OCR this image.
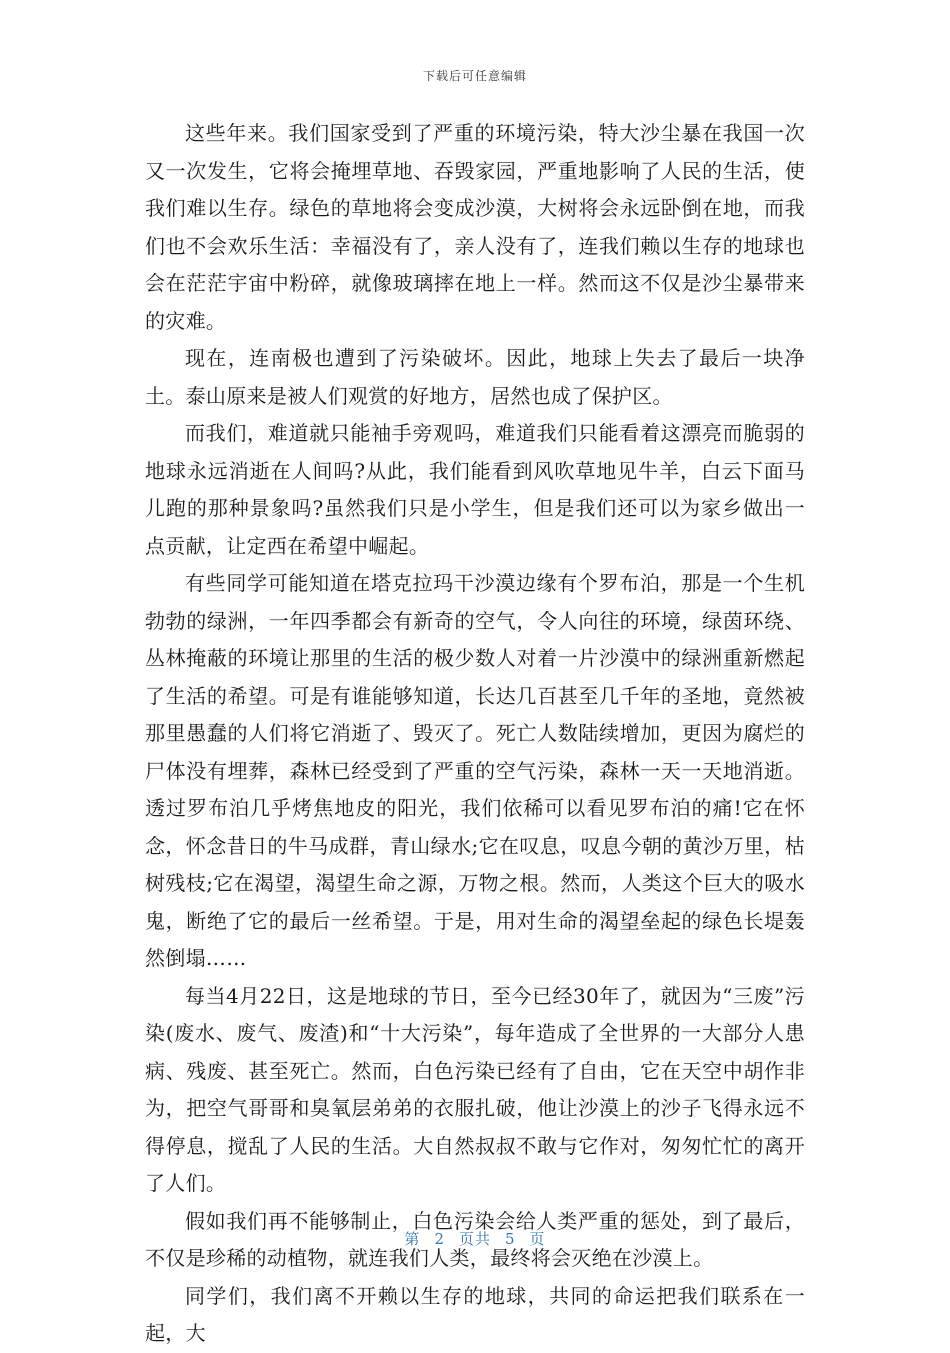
下载后可任意编辑

这些年来。我们国家受到了严重的环境污染，特大沙尘暴在我国一次又一次发生，它将会掩埋草地、吞毁家园，严重地影响了人民的生活，使我们难以生存。绿色的草地将会变成沙漠，大树将会永远卧倒在地，而我们也不会欢乐生活：幸福没有了，亲人没有了，连我们赖以生存的地球也会在茫茫宇宙中粉碎，就像玻璃摔在地上一样。然而这不仅是沙尘暴带来的灾难。

现在，连南极也遭到了污染破坏。因此，地球上失去了最后一块净土。泰山原来是被人们观赏的好地方，居然也成了保护区。

而我们，难道就只能袖手旁观吗，难道我们只能看着这漂亮而脆弱的地球永远消逝在人间吗?从此，我们能看到风吹草地见牛羊，白云下面马儿跑的那种景象吗?虽然我们只是小学生，但是我们还可以为家乡做出一点贡献，让定西在希望中崛起。

有些同学可能知道在塔克拉玛干沙漠边缘有个罗布泊，那是一个生机勃勃的绿洲，一年四季都会有新奇的空气，令人向往的环境，绿茵环绕、丛林掩蔽的环境让那里的生活的极少数人对着一片沙漠中的绿洲重新燃起了生活的希望。可是有谁能够知道，长达几百甚至几千年的圣地，竟然被那里愚蠢的人们将它消逝了、毁灭了。死亡人数陆续增加，更因为腐烂的尸体没有埋葬，森林已经受到了严重的空气污染，森林一天一天地消逝。透过罗布泊几乎烤焦地皮的阳光，我们依稀可以看见罗布泊的痛!它在怀念，怀念昔日的牛马成群，青山绿水;它在叹息，叹息今朝的黄沙万里，枯树残枝;它在渴望，渴望生命之源，万物之根。然而，人类这个巨大的吸水鬼，断绝了它的最后一丝希望。于是，用对生命的渴望垒起的绿色长堤轰然倒塌……

每当4月22日，这是地球的节日，至今已经30年了，就因为“三废”污染(废水、废气、废渣)和“十大污染”，每年造成了全世界的一大部分人患病、残废、甚至死亡。然而，白色污染已经有了自由，它在天空中胡作非为，把空气哥哥和臭氧层弟弟的衣服扎破，他让沙漠上的沙子飞得永远不得停息，搅乱了人民的生活。大自然叔叔不敢与它作对，匆匆忙忙的离开了人们。

假如我们再不能够制止，白色污染会给人类严重的惩处，到了最后，不仅是珍稀的动植物，就连我们人类，最终将会灭绝在沙漠上。

同学们，我们离不开赖以生存的地球，共同的命运把我们联系在一起，大

第 2 页共 5 页
